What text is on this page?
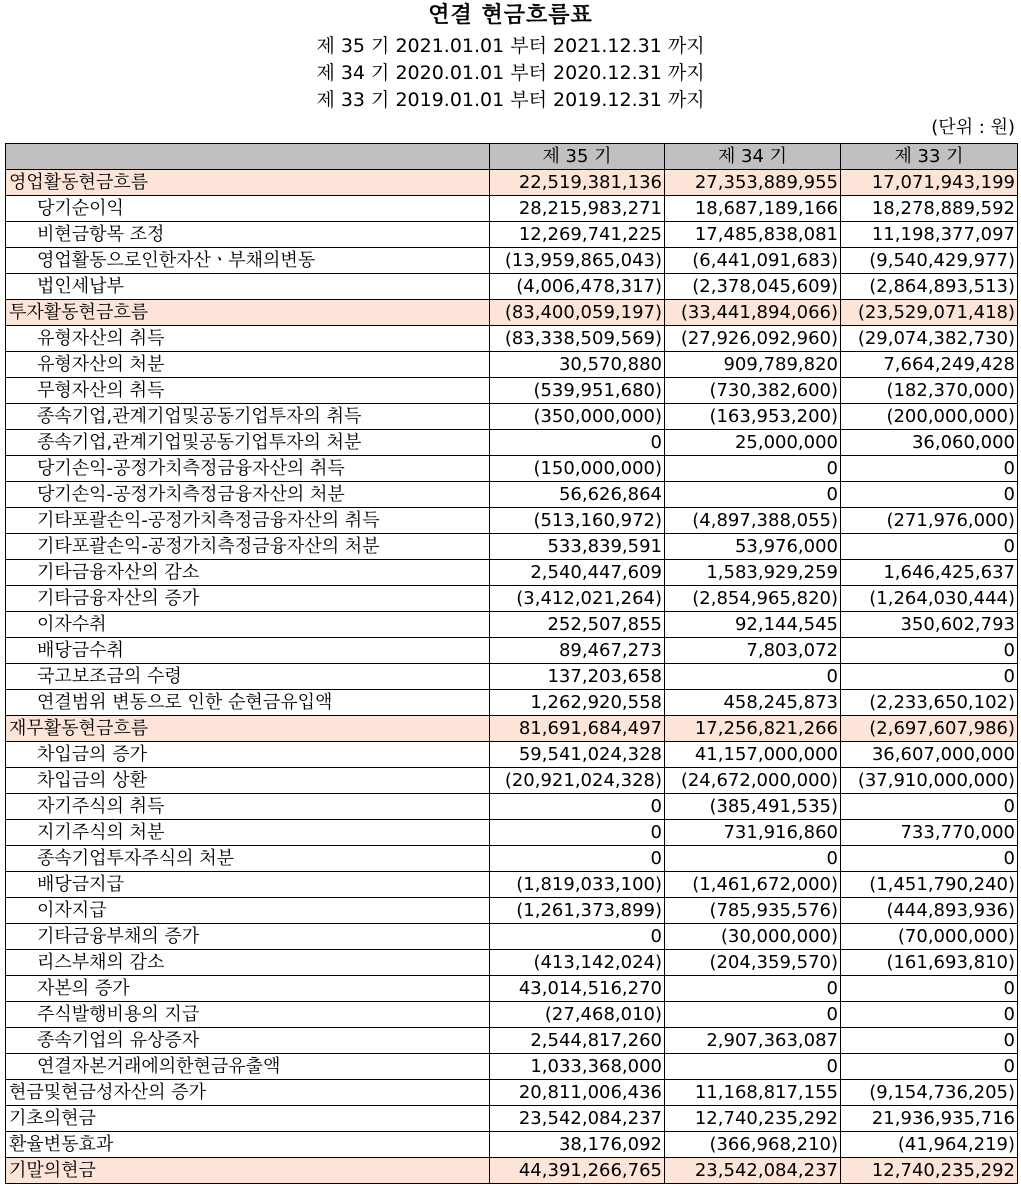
연결 현금흐름표
제 35 기 2021.01.01 부터 2021.12.31 까지
제 34 기 2020.01.01 부터 2020.12.31 까지
제 33 기 2019.01.01 부터 2019.12.31 까지
(단위 : 원)
	제 35 기	제 34 기	제 33 기
영업활동현금흐름	22,519,381,136	27,353,889,955	17,071,943,199
당기순이익	28,215,983,271	18,687,189,166	18,278,889,592
비현금항목 조정	12,269,741,225	17,485,838,081	11,198,377,097
영업활동으로인한자산ㆍ부채의변동	(13,959,865,043)	(6,441,091,683)	(9,540,429,977)
법인세납부	(4,006,478,317)	(2,378,045,609)	(2,864,893,513)
투자활동현금흐름	(83,400,059,197)	(33,441,894,066)	(23,529,071,418)
유형자산의 취득	(83,338,509,569)	(27,926,092,960)	(29,074,382,730)
유형자산의 처분	30,570,880	909,789,820	7,664,249,428
무형자산의 취득	(539,951,680)	(730,382,600)	(182,370,000)
종속기업,관계기업및공동기업투자의 취득	(350,000,000)	(163,953,200)	(200,000,000)
종속기업,관계기업및공동기업투자의 처분	0	25,000,000	36,060,000
당기손익-공정가치측정금융자산의 취득	(150,000,000)	0	0
당기손익-공정가치측정금융자산의 처분	56,626,864	0	0
기타포괄손익-공정가치측정금융자산의 취득	(513,160,972)	(4,897,388,055)	(271,976,000)
기타포괄손익-공정가치측정금융자산의 처분	533,839,591	53,976,000	0
기타금융자산의 감소	2,540,447,609	1,583,929,259	1,646,425,637
기타금융자산의 증가	(3,412,021,264)	(2,854,965,820)	(1,264,030,444)
이자수취	252,507,855	92,144,545	350,602,793
배당금수취	89,467,273	7,803,072	0
국고보조금의 수령	137,203,658	0	0
연결범위 변동으로 인한 순현금유입액	1,262,920,558	458,245,873	(2,233,650,102)
재무활동현금흐름	81,691,684,497	17,256,821,266	(2,697,607,986)
차입금의 증가	59,541,024,328	41,157,000,000	36,607,000,000
차입금의 상환	(20,921,024,328)	(24,672,000,000)	(37,910,000,000)
자기주식의 취득	0	(385,491,535)	0
지기주식의 처분	0	731,916,860	733,770,000
종속기업투자주식의 처분	0	0	0
배당금지급	(1,819,033,100)	(1,461,672,000)	(1,451,790,240)
이자지급	(1,261,373,899)	(785,935,576)	(444,893,936)
기타금융부채의 증가	0	(30,000,000)	(70,000,000)
리스부채의 감소	(413,142,024)	(204,359,570)	(161,693,810)
자본의 증가	43,014,516,270	0	0
주식발행비용의 지급	(27,468,010)	0	0
종속기업의 유상증자	2,544,817,260	2,907,363,087	0
연결자본거래에의한현금유출액	1,033,368,000	0	0
현금및현금성자산의 증가	20,811,006,436	11,168,817,155	(9,154,736,205)
기초의현금	23,542,084,237	12,740,235,292	21,936,935,716
환율변동효과	38,176,092	(366,968,210)	(41,964,219)
기말의현금	44,391,266,765	23,542,084,237	12,740,235,292
